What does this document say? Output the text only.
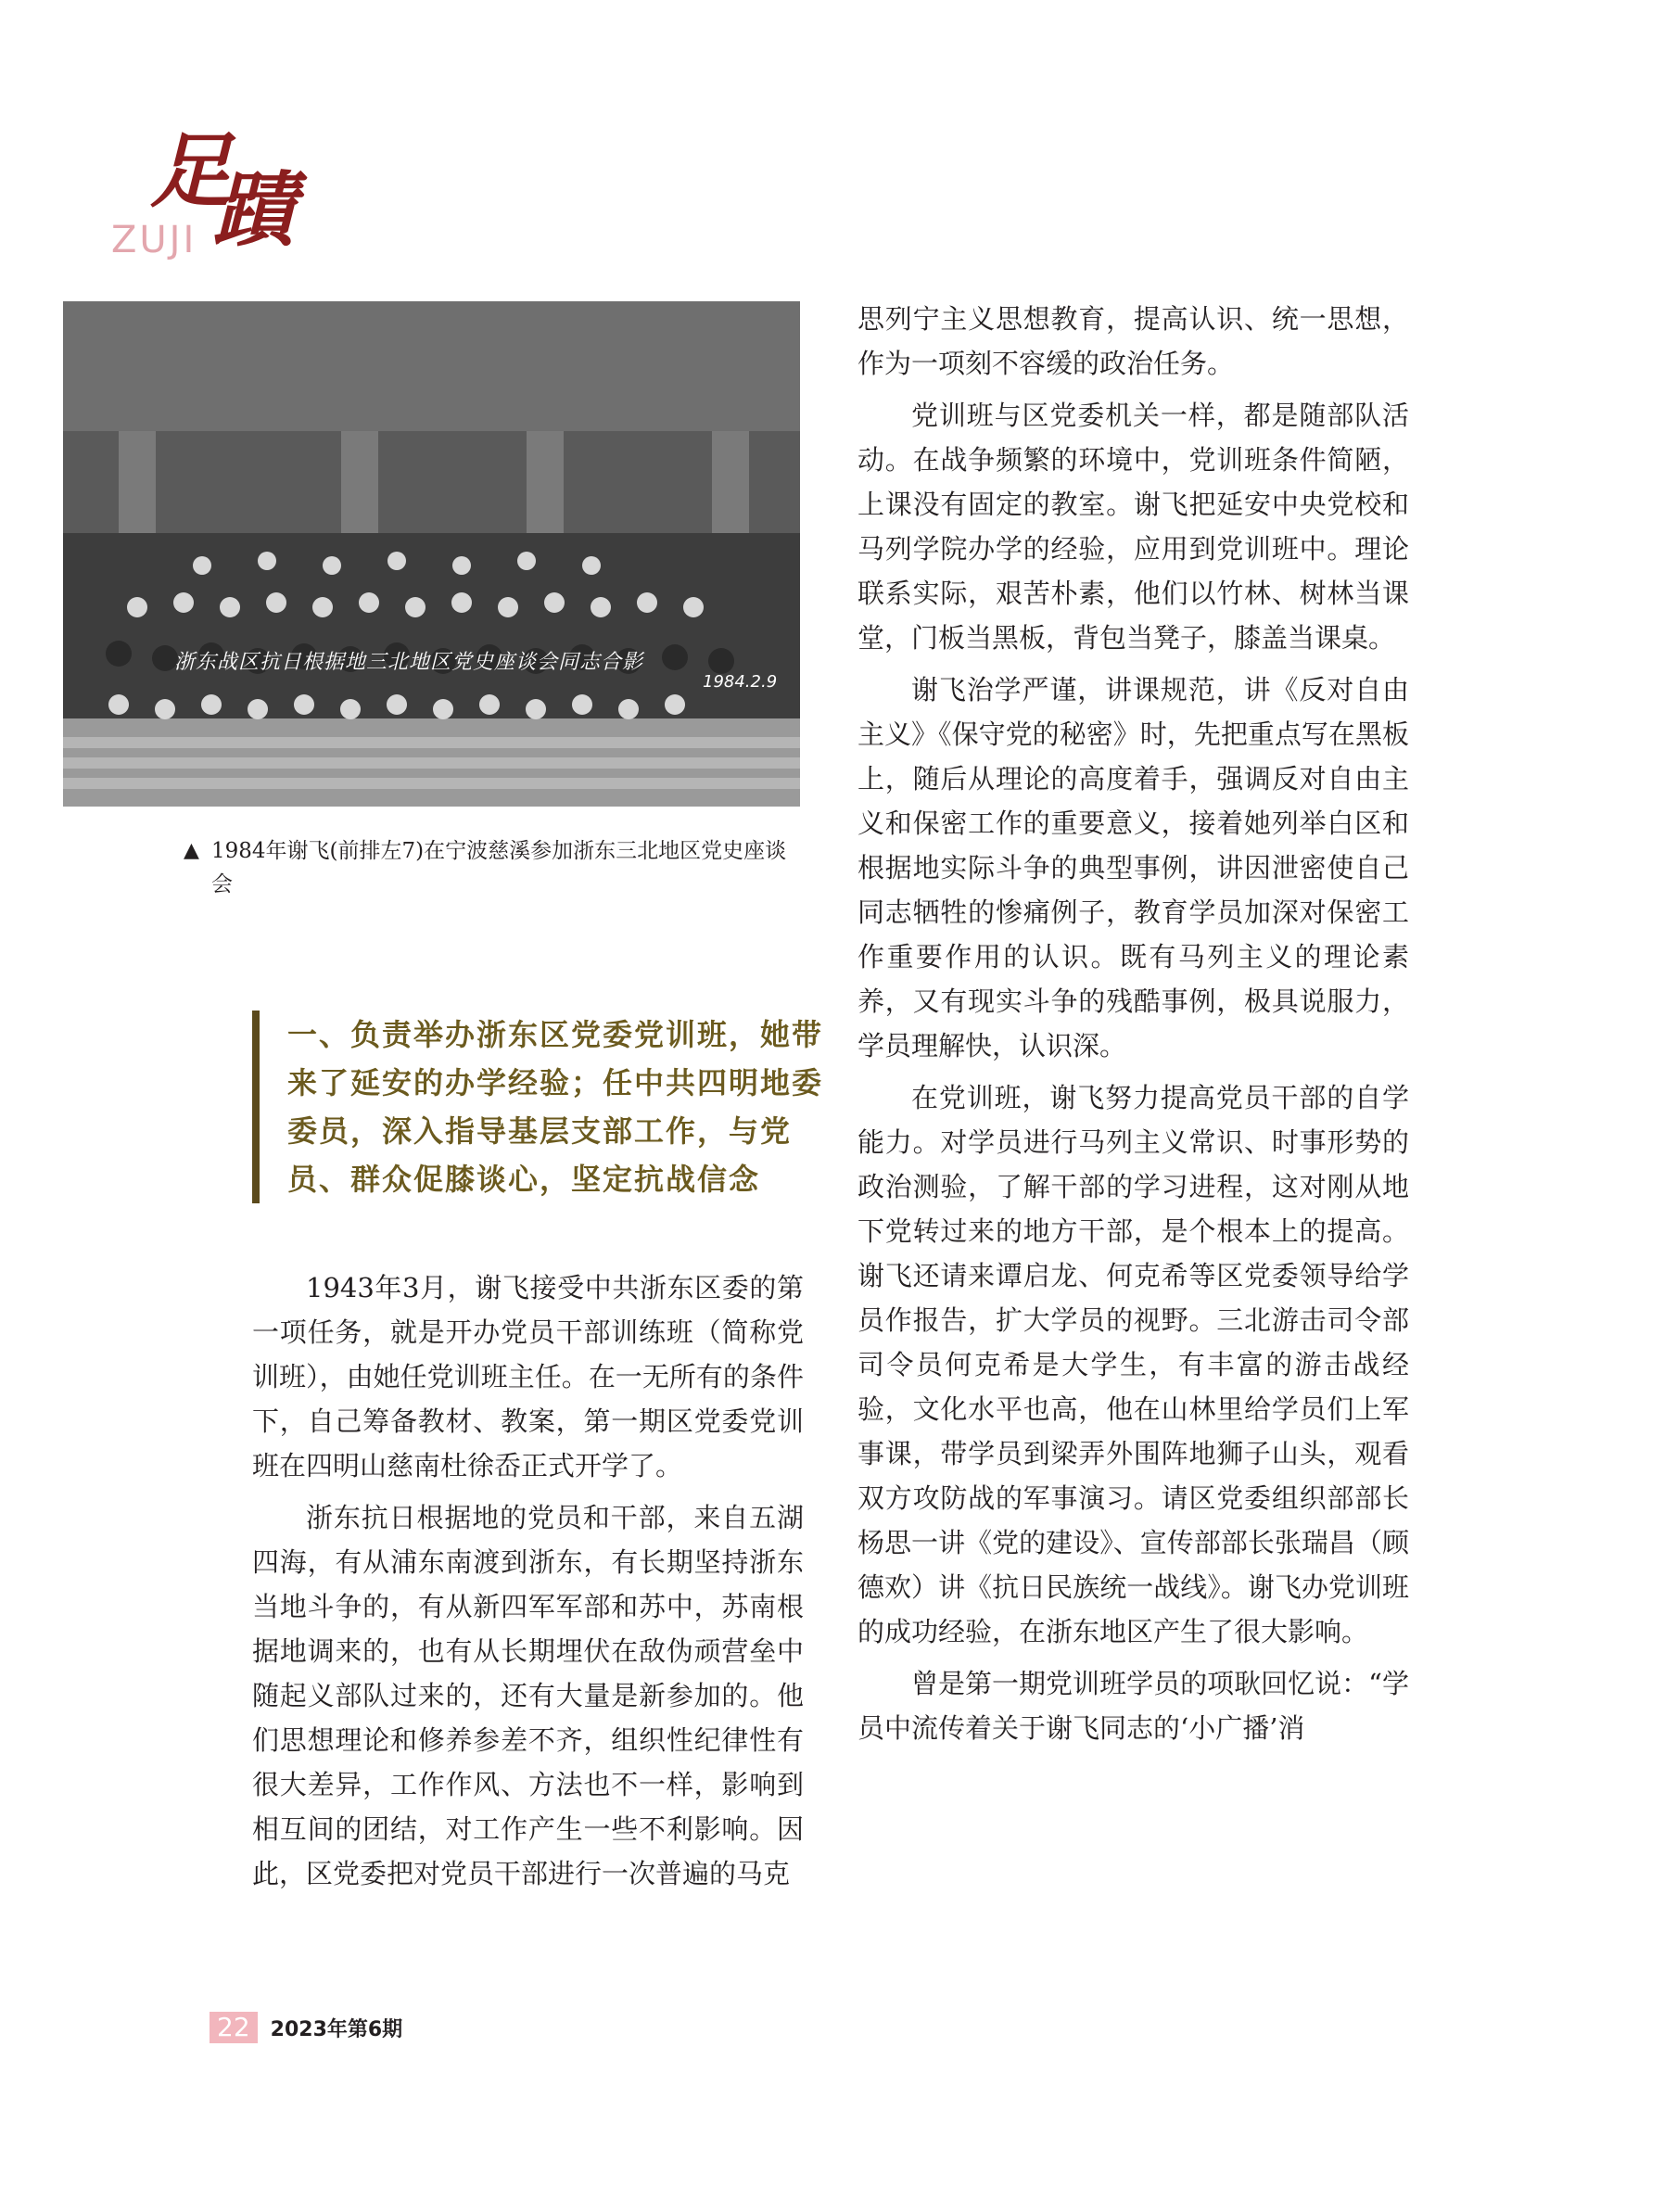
足
蹟
ZUJI
浙东战区抗日根据地三北地区党史座谈会同志合影
1984.2.9
▲ 1984年谢飞(前排左7)在宁波慈溪参加浙东三北地区党史座谈会
一、负责举办浙东区党委党训班，她带来了延安的办学经验；任中共四明地委委员，深入指导基层支部工作，与党员、群众促膝谈心，坚定抗战信念

1943年3月，谢飞接受中共浙东区委的第一项任务，就是开办党员干部训练班（简称党训班），由她任党训班主任。在一无所有的条件下，自己筹备教材、教案，第一期区党委党训班在四明山慈南杜徐岙正式开学了。

浙东抗日根据地的党员和干部，来自五湖四海，有从浦东南渡到浙东，有长期坚持浙东当地斗争的，有从新四军军部和苏中，苏南根据地调来的，也有从长期埋伏在敌伪顽营垒中随起义部队过来的，还有大量是新参加的。他们思想理论和修养参差不齐，组织性纪律性有很大差异，工作作风、方法也不一样，影响到相互间的团结，对工作产生一些不利影响。因此，区党委把对党员干部进行一次普遍的马克

思列宁主义思想教育，提高认识、统一思想，作为一项刻不容缓的政治任务。

党训班与区党委机关一样，都是随部队活动。在战争频繁的环境中，党训班条件简陋，上课没有固定的教室。谢飞把延安中央党校和马列学院办学的经验，应用到党训班中。理论联系实际，艰苦朴素，他们以竹林、树林当课堂，门板当黑板，背包当凳子，膝盖当课桌。

谢飞治学严谨，讲课规范，讲《反对自由主义》《保守党的秘密》时，先把重点写在黑板上，随后从理论的高度着手，强调反对自由主义和保密工作的重要意义，接着她列举白区和根据地实际斗争的典型事例，讲因泄密使自己同志牺牲的惨痛例子，教育学员加深对保密工作重要作用的认识。既有马列主义的理论素养，又有现实斗争的残酷事例，极具说服力，学员理解快，认识深。

在党训班，谢飞努力提高党员干部的自学能力。对学员进行马列主义常识、时事形势的政治测验，了解干部的学习进程，这对刚从地下党转过来的地方干部，是个根本上的提高。谢飞还请来谭启龙、何克希等区党委领导给学员作报告，扩大学员的视野。三北游击司令部司令员何克希是大学生，有丰富的游击战经验，文化水平也高，他在山林里给学员们上军事课，带学员到梁弄外围阵地狮子山头，观看双方攻防战的军事演习。请区党委组织部部长杨思一讲《党的建设》、宣传部部长张瑞昌（顾德欢）讲《抗日民族统一战线》。谢飞办党训班的成功经验，在浙东地区产生了很大影响。

曾是第一期党训班学员的项耿回忆说：“学员中流传着关于谢飞同志的‘小广播’消

22	2023年第6期
